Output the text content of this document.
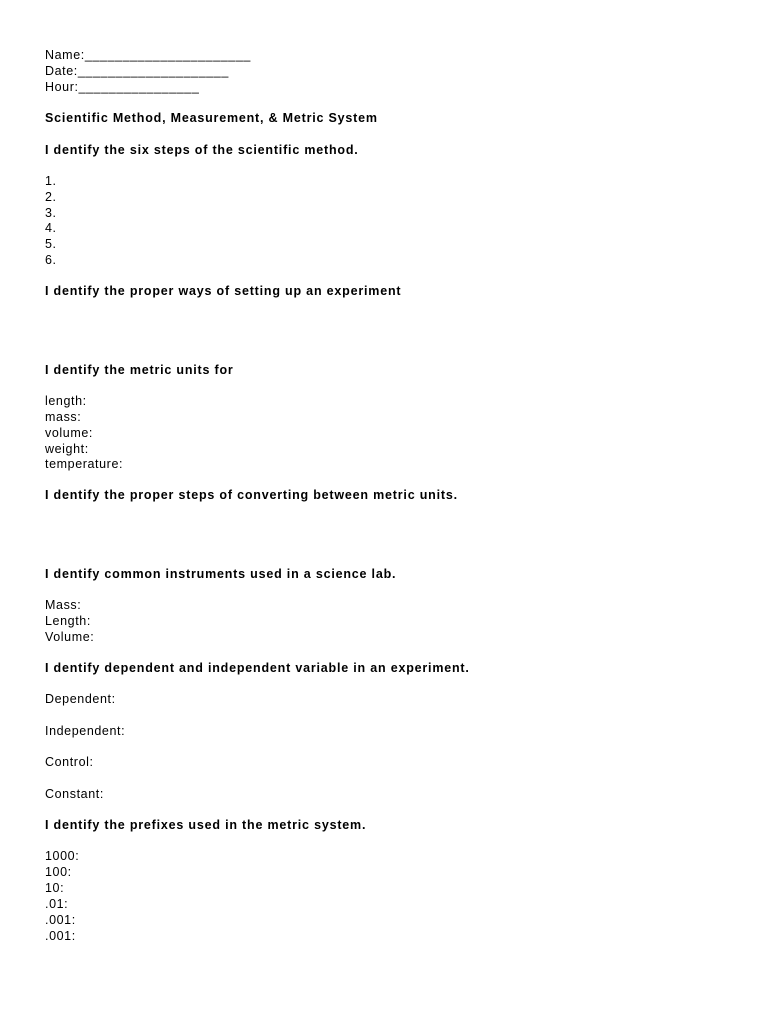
Name:______________________
Date:____________________
Hour:________________
Scientific Method, Measurement, & Metric System
I dentify the six steps of the scientific method.
1.
2.
3.
4.
5.
6.
I dentify the proper ways of setting up an experiment
I dentify the metric units for
length:
mass:
volume:
weight:
temperature:
I dentify the proper steps of converting between metric units.
I dentify common instruments used in a science lab.
Mass:
Length:
Volume:
I dentify dependent and independent variable in an experiment.
Dependent:
Independent:
Control:
Constant:
I dentify the prefixes used in the metric system.
1000:
100:
10:
.01:
.001:
.001:
